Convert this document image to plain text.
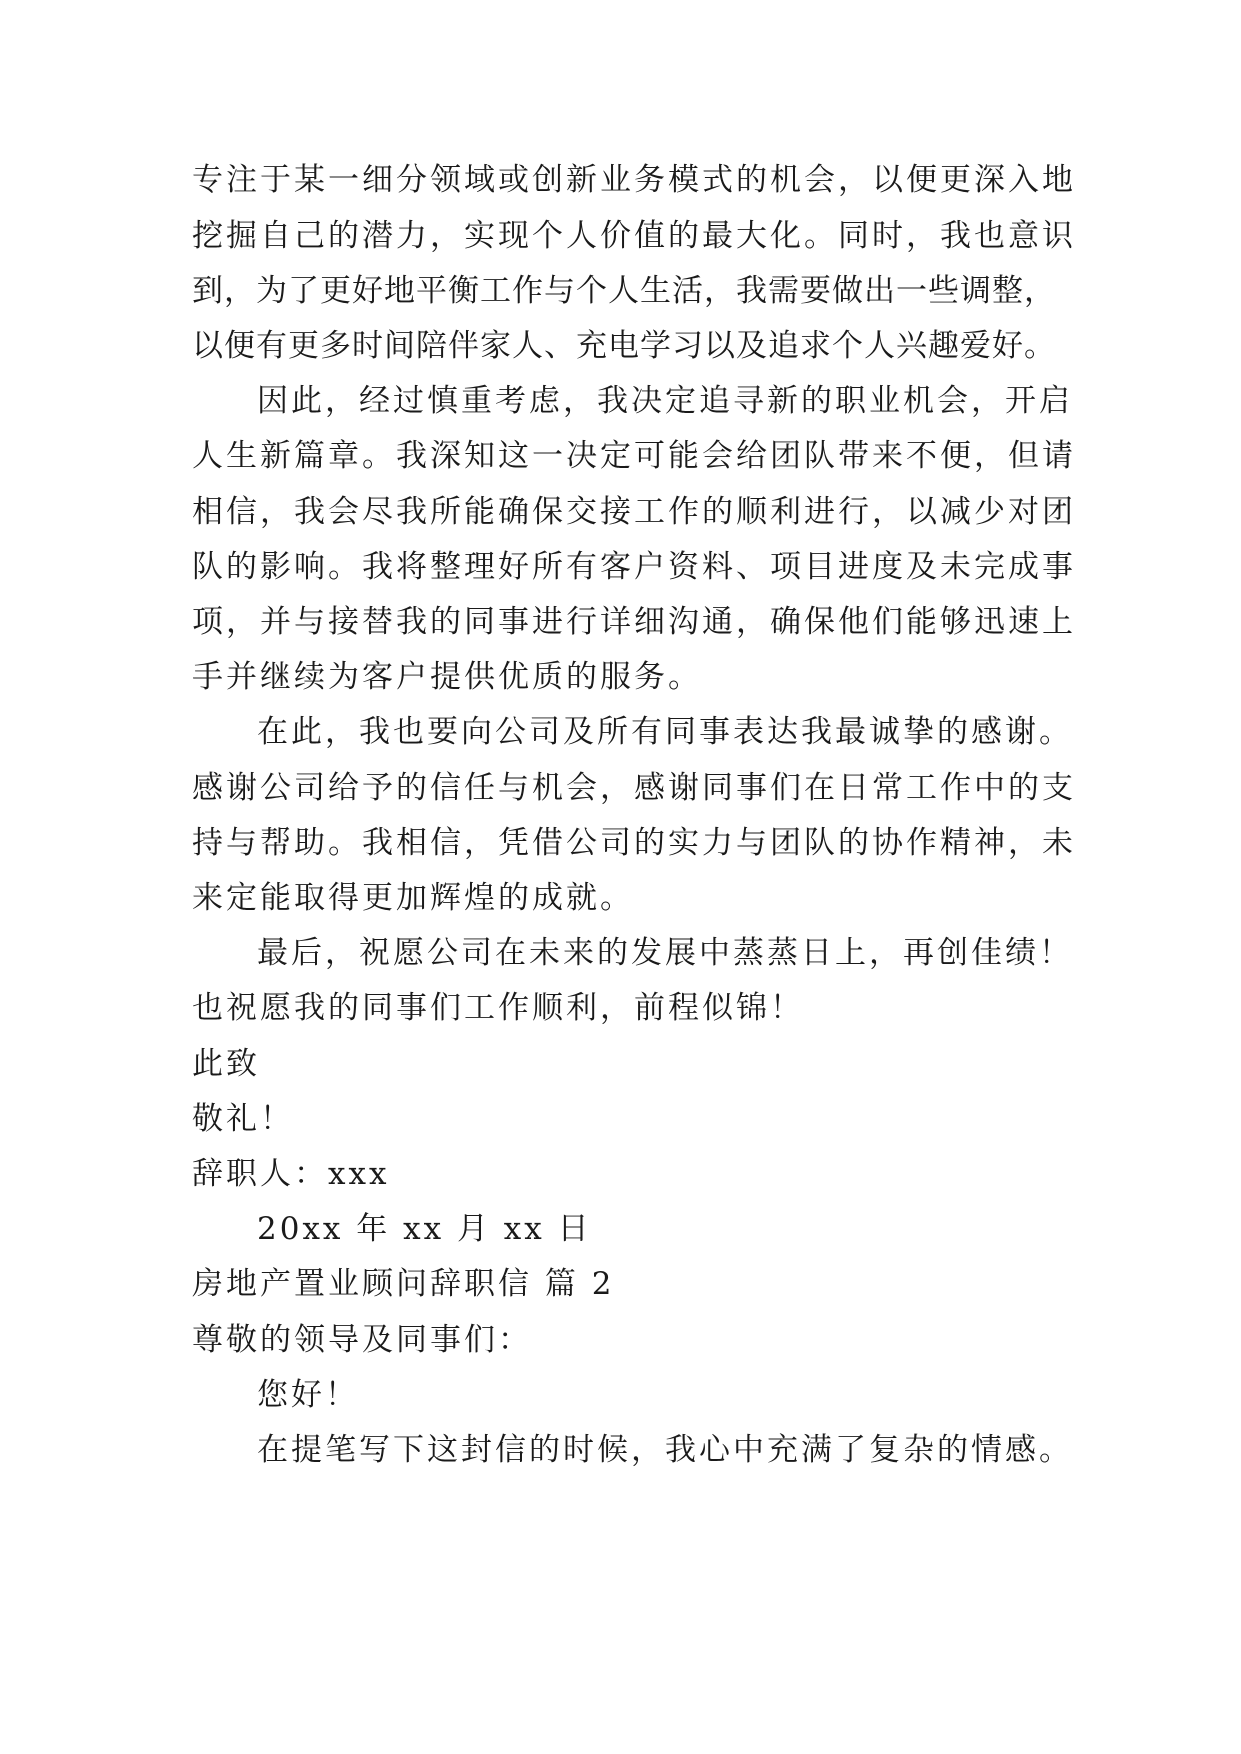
专注于某一细分领域或创新业务模式的机会，以便更深入地
挖掘自己的潜力，实现个人价值的最大化。同时，我也意识
到，为了更好地平衡工作与个人生活，我需要做出一些调整，
以便有更多时间陪伴家人、充电学习以及追求个人兴趣爱好。
因此，经过慎重考虑，我决定追寻新的职业机会，开启
人生新篇章。我深知这一决定可能会给团队带来不便，但请
相信，我会尽我所能确保交接工作的顺利进行，以减少对团
队的影响。我将整理好所有客户资料、项目进度及未完成事
项，并与接替我的同事进行详细沟通，确保他们能够迅速上
手并继续为客户提供优质的服务。
在此，我也要向公司及所有同事表达我最诚挚的感谢。
感谢公司给予的信任与机会，感谢同事们在日常工作中的支
持与帮助。我相信，凭借公司的实力与团队的协作精神，未
来定能取得更加辉煌的成就。
最后，祝愿公司在未来的发展中蒸蒸日上，再创佳绩！
也祝愿我的同事们工作顺利，前程似锦！
此致
敬礼！
辞职人：xxx
20xx 年 xx 月 xx 日
房地产置业顾问辞职信 篇 2
尊敬的领导及同事们：
您好！
在提笔写下这封信的时候，我心中充满了复杂的情感。
